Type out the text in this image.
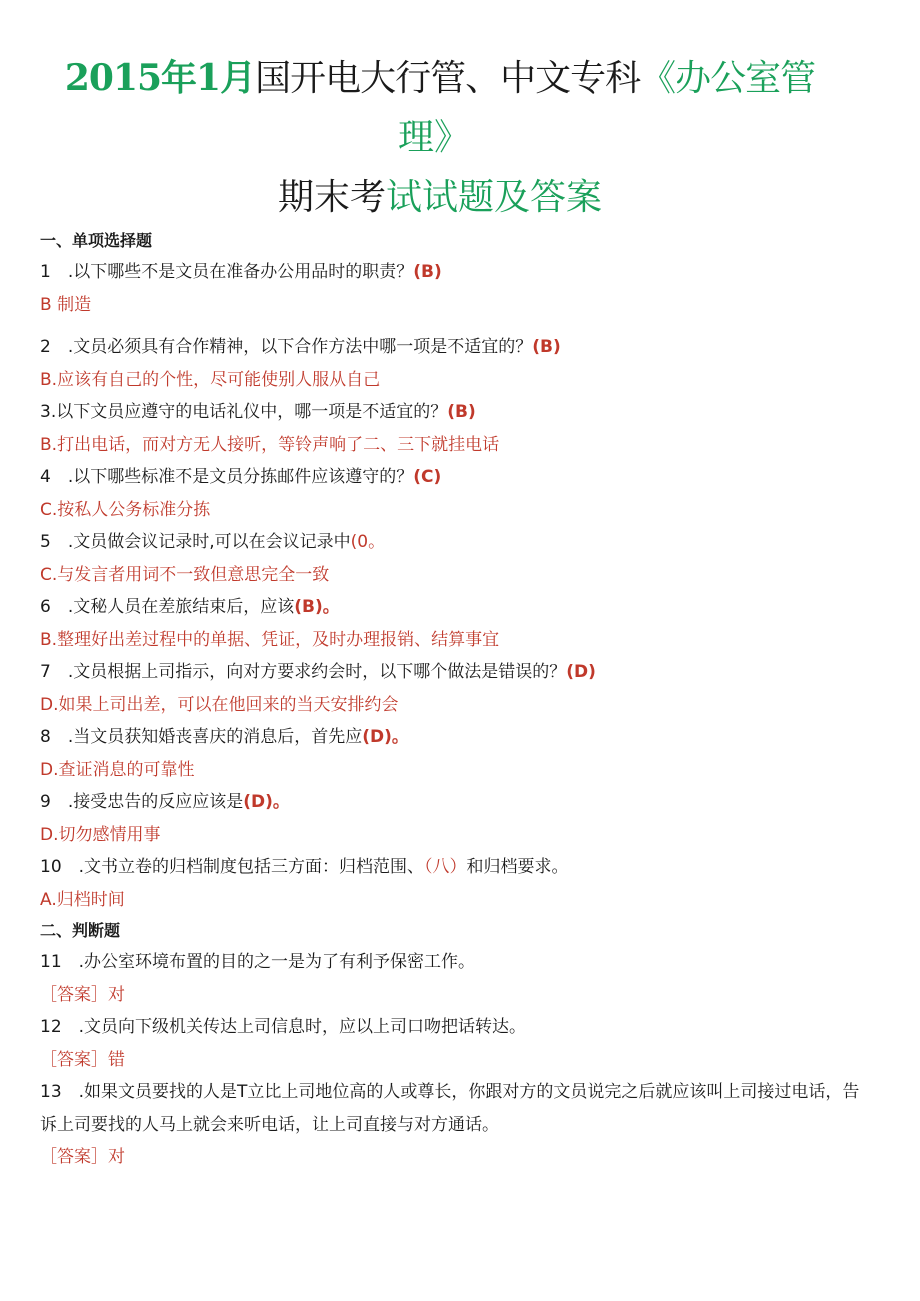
2015年1月国开电大行管、中文专科《办公室管
理》
期末考试试题及答案
一、单项选择题
1　.以下哪些不是文员在准备办公用品时的职责？(B)
B 制造
2　.文员必须具有合作精神，以下合作方法中哪一项是不适宜的？(B)
B.应该有自己的个性，尽可能使别人服从自己
3.以下文员应遵守的电话礼仪中，哪一项是不适宜的？(B)
B.打出电话，而对方无人接听，等铃声响了二、三下就挂电话
4　.以下哪些标准不是文员分拣邮件应该遵守的？(C)
C.按私人公务标准分拣
5　.文员做会议记录时,可以在会议记录中(0。
C.与发言者用词不一致但意思完全一致
6　.文秘人员在差旅结束后，应该(B)。
B.整理好出差过程中的单据、凭证，及时办理报销、结算事宜
7　.文员根据上司指示，向对方要求约会时，以下哪个做法是错误的？(D)
D.如果上司出差，可以在他回来的当天安排约会
8　.当文员获知婚丧喜庆的消息后，首先应(D)。
D.查证消息的可靠性
9　.接受忠告的反应应该是(D)。
D.切勿感情用事
10　.文书立卷的归档制度包括三方面：归档范围、（八）和归档要求。
A.归档时间
二、判断题
11　.办公室环境布置的目的之一是为了有利予保密工作。
［答案］对
12　.文员向下级机关传达上司信息时，应以上司口吻把话转达。
［答案］错
13　.如果文员要找的人是T立比上司地位高的人或尊长，你跟对方的文员说完之后就应该叫上司接过电话，告诉上司要找的人马上就会来听电话，让上司直接与对方通话。
［答案］对
